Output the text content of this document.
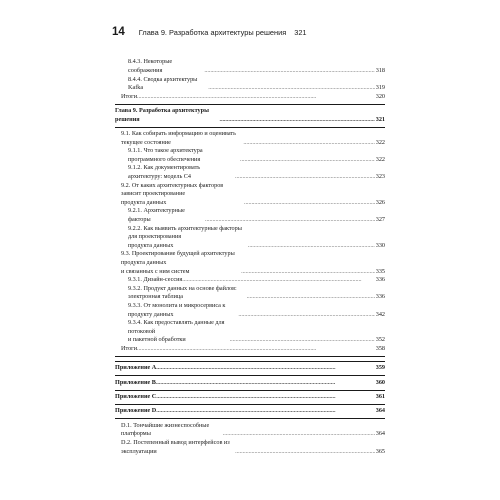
14 Глава 9. Разработка архитектуры решения 321
8.4.3. Некоторые соображения . . .	318
8.4.4. Сводка архитектуры Kafka . . .	319
Итоги . . .	320
Глава 9. Разработка архитектуры решения . . .	321
9.1. Как собирать информацию и оценивать текущее состояние . . .	322
9.1.1. Что такое архитектура программного обеспечения . . .	322
9.1.2. Как документировать архитектуру: модель C4 . . .	323
9.2. От каких архитектурных факторов зависит проектирование
продукта данных . . .	326
9.2.1. Архитектурные факторы . . .	327
9.2.2. Как выявить архитектурные факторы для проектирования
продукта данных . . .	330
9.3. Проектирование будущей архитектуры продукта данных
и связанных с ним систем . . .	335
9.3.1. Дизайн-сессия . . .	336
9.3.2. Продукт данных на основе файлов: электронная таблица . . .	336
9.3.3. От монолита и микросервиса к продукту данных . . .	342
9.3.4. Как предоставлять данные для потоковой
и пакетной обработки . . .	352
Итоги . . .	358
Приложение А . . .	359
Приложение В . . .	360
Приложение С . . .	361
Приложение D . . .	364
D.1. Тончайшие жизнеспособные платформы . . .	364
D.2. Постепенный вывод интерфейсов из эксплуатации . . .	365
